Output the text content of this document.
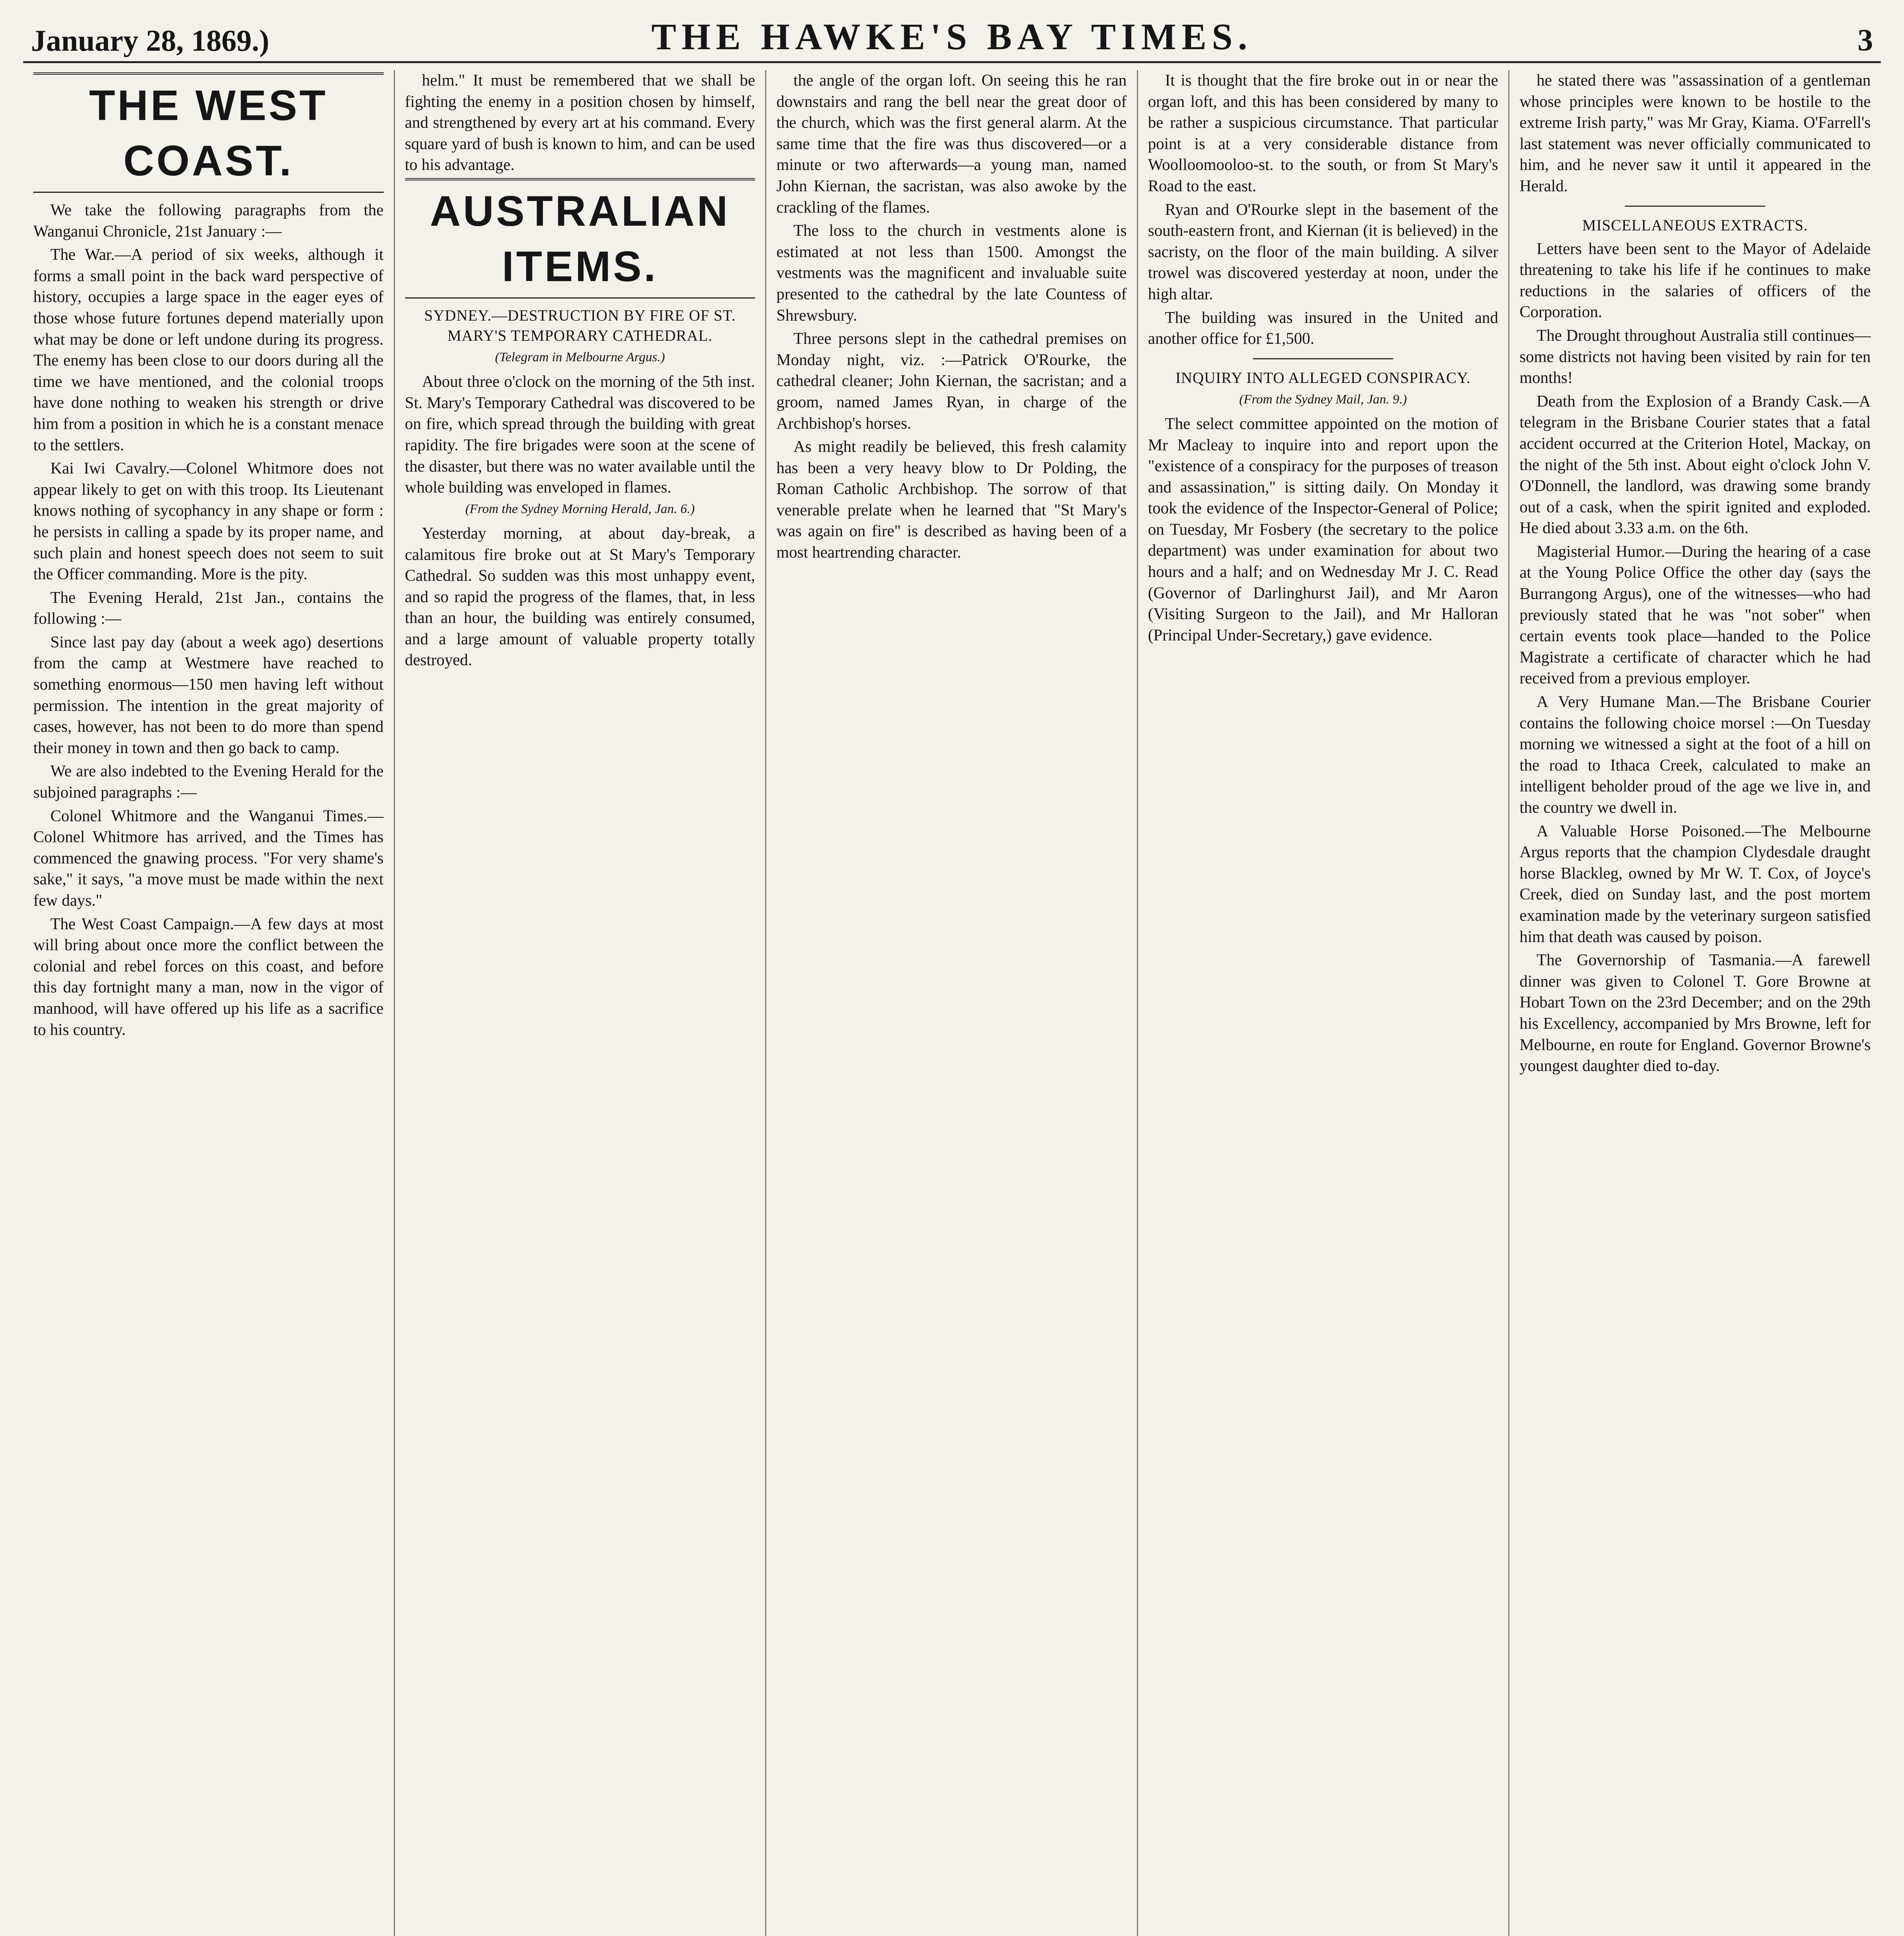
January 28, 1869.)	THE HAWKE'S BAY TIMES.	3
THE WEST COAST.

We take the following paragraphs from the Wanganui Chronicle, 21st January :—

The War.—A period of six weeks, although it forms a small point in the back ward perspective of history, occupies a large space in the eager eyes of those whose future fortunes depend materially upon what may be done or left undone during its progress. The enemy has been close to our doors during all the time we have mentioned, and the colonial troops have done nothing to weaken his strength or drive him from a position in which he is a constant menace to the settlers.

Kai Iwi Cavalry.—Colonel Whitmore does not appear likely to get on with this troop. Its Lieutenant knows nothing of sycophancy in any shape or form : he persists in calling a spade by its proper name, and such plain and honest speech does not seem to suit the Officer commanding. More is the pity.

The Evening Herald, 21st Jan., contains the following :—

Since last pay day (about a week ago) desertions from the camp at Westmere have reached to something enormous—150 men having left without permission. The intention in the great majority of cases, however, has not been to do more than spend their money in town and then go back to camp.

We are also indebted to the Evening Herald for the subjoined paragraphs :—

Colonel Whitmore and the Wanganui Times.—Colonel Whitmore has arrived, and the Times has commenced the gnawing process. "For very shame's sake," it says, "a move must be made within the next few days."

The West Coast Campaign.—A few days at most will bring about once more the conflict between the colonial and rebel forces on this coast, and before this day fortnight many a man, now in the vigor of manhood, will have offered up his life as a sacrifice to his country.

helm." It must be remembered that we shall be fighting the enemy in a position chosen by himself, and strengthened by every art at his command. Every square yard of bush is known to him, and can be used to his advantage.

AUSTRALIAN ITEMS.
SYDNEY.—DESTRUCTION BY FIRE OF ST. MARY'S TEMPORARY CATHEDRAL.
(Telegram in Melbourne Argus.)

About three o'clock on the morning of the 5th inst. St. Mary's Temporary Cathedral was discovered to be on fire, which spread through the building with great rapidity. The fire brigades were soon at the scene of the disaster, but there was no water available until the whole building was enveloped in flames.

(From the Sydney Morning Herald, Jan. 6.)

Yesterday morning, at about day-break, a calamitous fire broke out at St Mary's Temporary Cathedral. So sudden was this most unhappy event, and so rapid the progress of the flames, that, in less than an hour, the building was entirely consumed, and a large amount of valuable property totally destroyed.

the angle of the organ loft. On seeing this he ran downstairs and rang the bell near the great door of the church, which was the first general alarm. At the same time that the fire was thus discovered—or a minute or two afterwards—a young man, named John Kiernan, the sacristan, was also awoke by the crackling of the flames.

The loss to the church in vestments alone is estimated at not less than 1500. Amongst the vestments was the magnificent and invaluable suite presented to the cathedral by the late Countess of Shrewsbury.

Three persons slept in the cathedral premises on Monday night, viz. :—Patrick O'Rourke, the cathedral cleaner; John Kiernan, the sacristan; and a groom, named James Ryan, in charge of the Archbishop's horses.

As might readily be believed, this fresh calamity has been a very heavy blow to Dr Polding, the Roman Catholic Archbishop. The sorrow of that venerable prelate when he learned that "St Mary's was again on fire" is described as having been of a most heartrending character.

It is thought that the fire broke out in or near the organ loft, and this has been considered by many to be rather a suspicious circumstance. That particular point is at a very considerable distance from Woolloomooloo-st. to the south, or from St Mary's Road to the east.

Ryan and O'Rourke slept in the basement of the south-eastern front, and Kiernan (it is believed) in the sacristy, on the floor of the main building. A silver trowel was discovered yesterday at noon, under the high altar.

The building was insured in the United and another office for £1,500.

INQUIRY INTO ALLEGED CONSPIRACY.
(From the Sydney Mail, Jan. 9.)

The select committee appointed on the motion of Mr Macleay to inquire into and report upon the "existence of a conspiracy for the purposes of treason and assassination," is sitting daily. On Monday it took the evidence of the Inspector-General of Police; on Tuesday, Mr Fosbery (the secretary to the police department) was under examination for about two hours and a half; and on Wednesday Mr J. C. Read (Governor of Darlinghurst Jail), and Mr Aaron (Visiting Surgeon to the Jail), and Mr Halloran (Principal Under-Secretary,) gave evidence.

he stated there was "assassination of a gentleman whose principles were known to be hostile to the extreme Irish party," was Mr Gray, Kiama. O'Farrell's last statement was never officially communicated to him, and he never saw it until it appeared in the Herald.

MISCELLANEOUS EXTRACTS.

Letters have been sent to the Mayor of Adelaide threatening to take his life if he continues to make reductions in the salaries of officers of the Corporation.

The Drought throughout Australia still continues—some districts not having been visited by rain for ten months!

Death from the Explosion of a Brandy Cask.—A telegram in the Brisbane Courier states that a fatal accident occurred at the Criterion Hotel, Mackay, on the night of the 5th inst. About eight o'clock John V. O'Donnell, the landlord, was drawing some brandy out of a cask, when the spirit ignited and exploded. He died about 3.33 a.m. on the 6th.

Magisterial Humor.—During the hearing of a case at the Young Police Office the other day (says the Burrangong Argus), one of the witnesses—who had previously stated that he was "not sober" when certain events took place—handed to the Police Magistrate a certificate of character which he had received from a previous employer.

A Very Humane Man.—The Brisbane Courier contains the following choice morsel :—On Tuesday morning we witnessed a sight at the foot of a hill on the road to Ithaca Creek, calculated to make an intelligent beholder proud of the age we live in, and the country we dwell in.

A Valuable Horse Poisoned.—The Melbourne Argus reports that the champion Clydesdale draught horse Blackleg, owned by Mr W. T. Cox, of Joyce's Creek, died on Sunday last, and the post mortem examination made by the veterinary surgeon satisfied him that death was caused by poison.

The Governorship of Tasmania.—A farewell dinner was given to Colonel T. Gore Browne at Hobart Town on the 23rd December; and on the 29th his Excellency, accompanied by Mrs Browne, left for Melbourne, en route for England. Governor Browne's youngest daughter died to-day.
